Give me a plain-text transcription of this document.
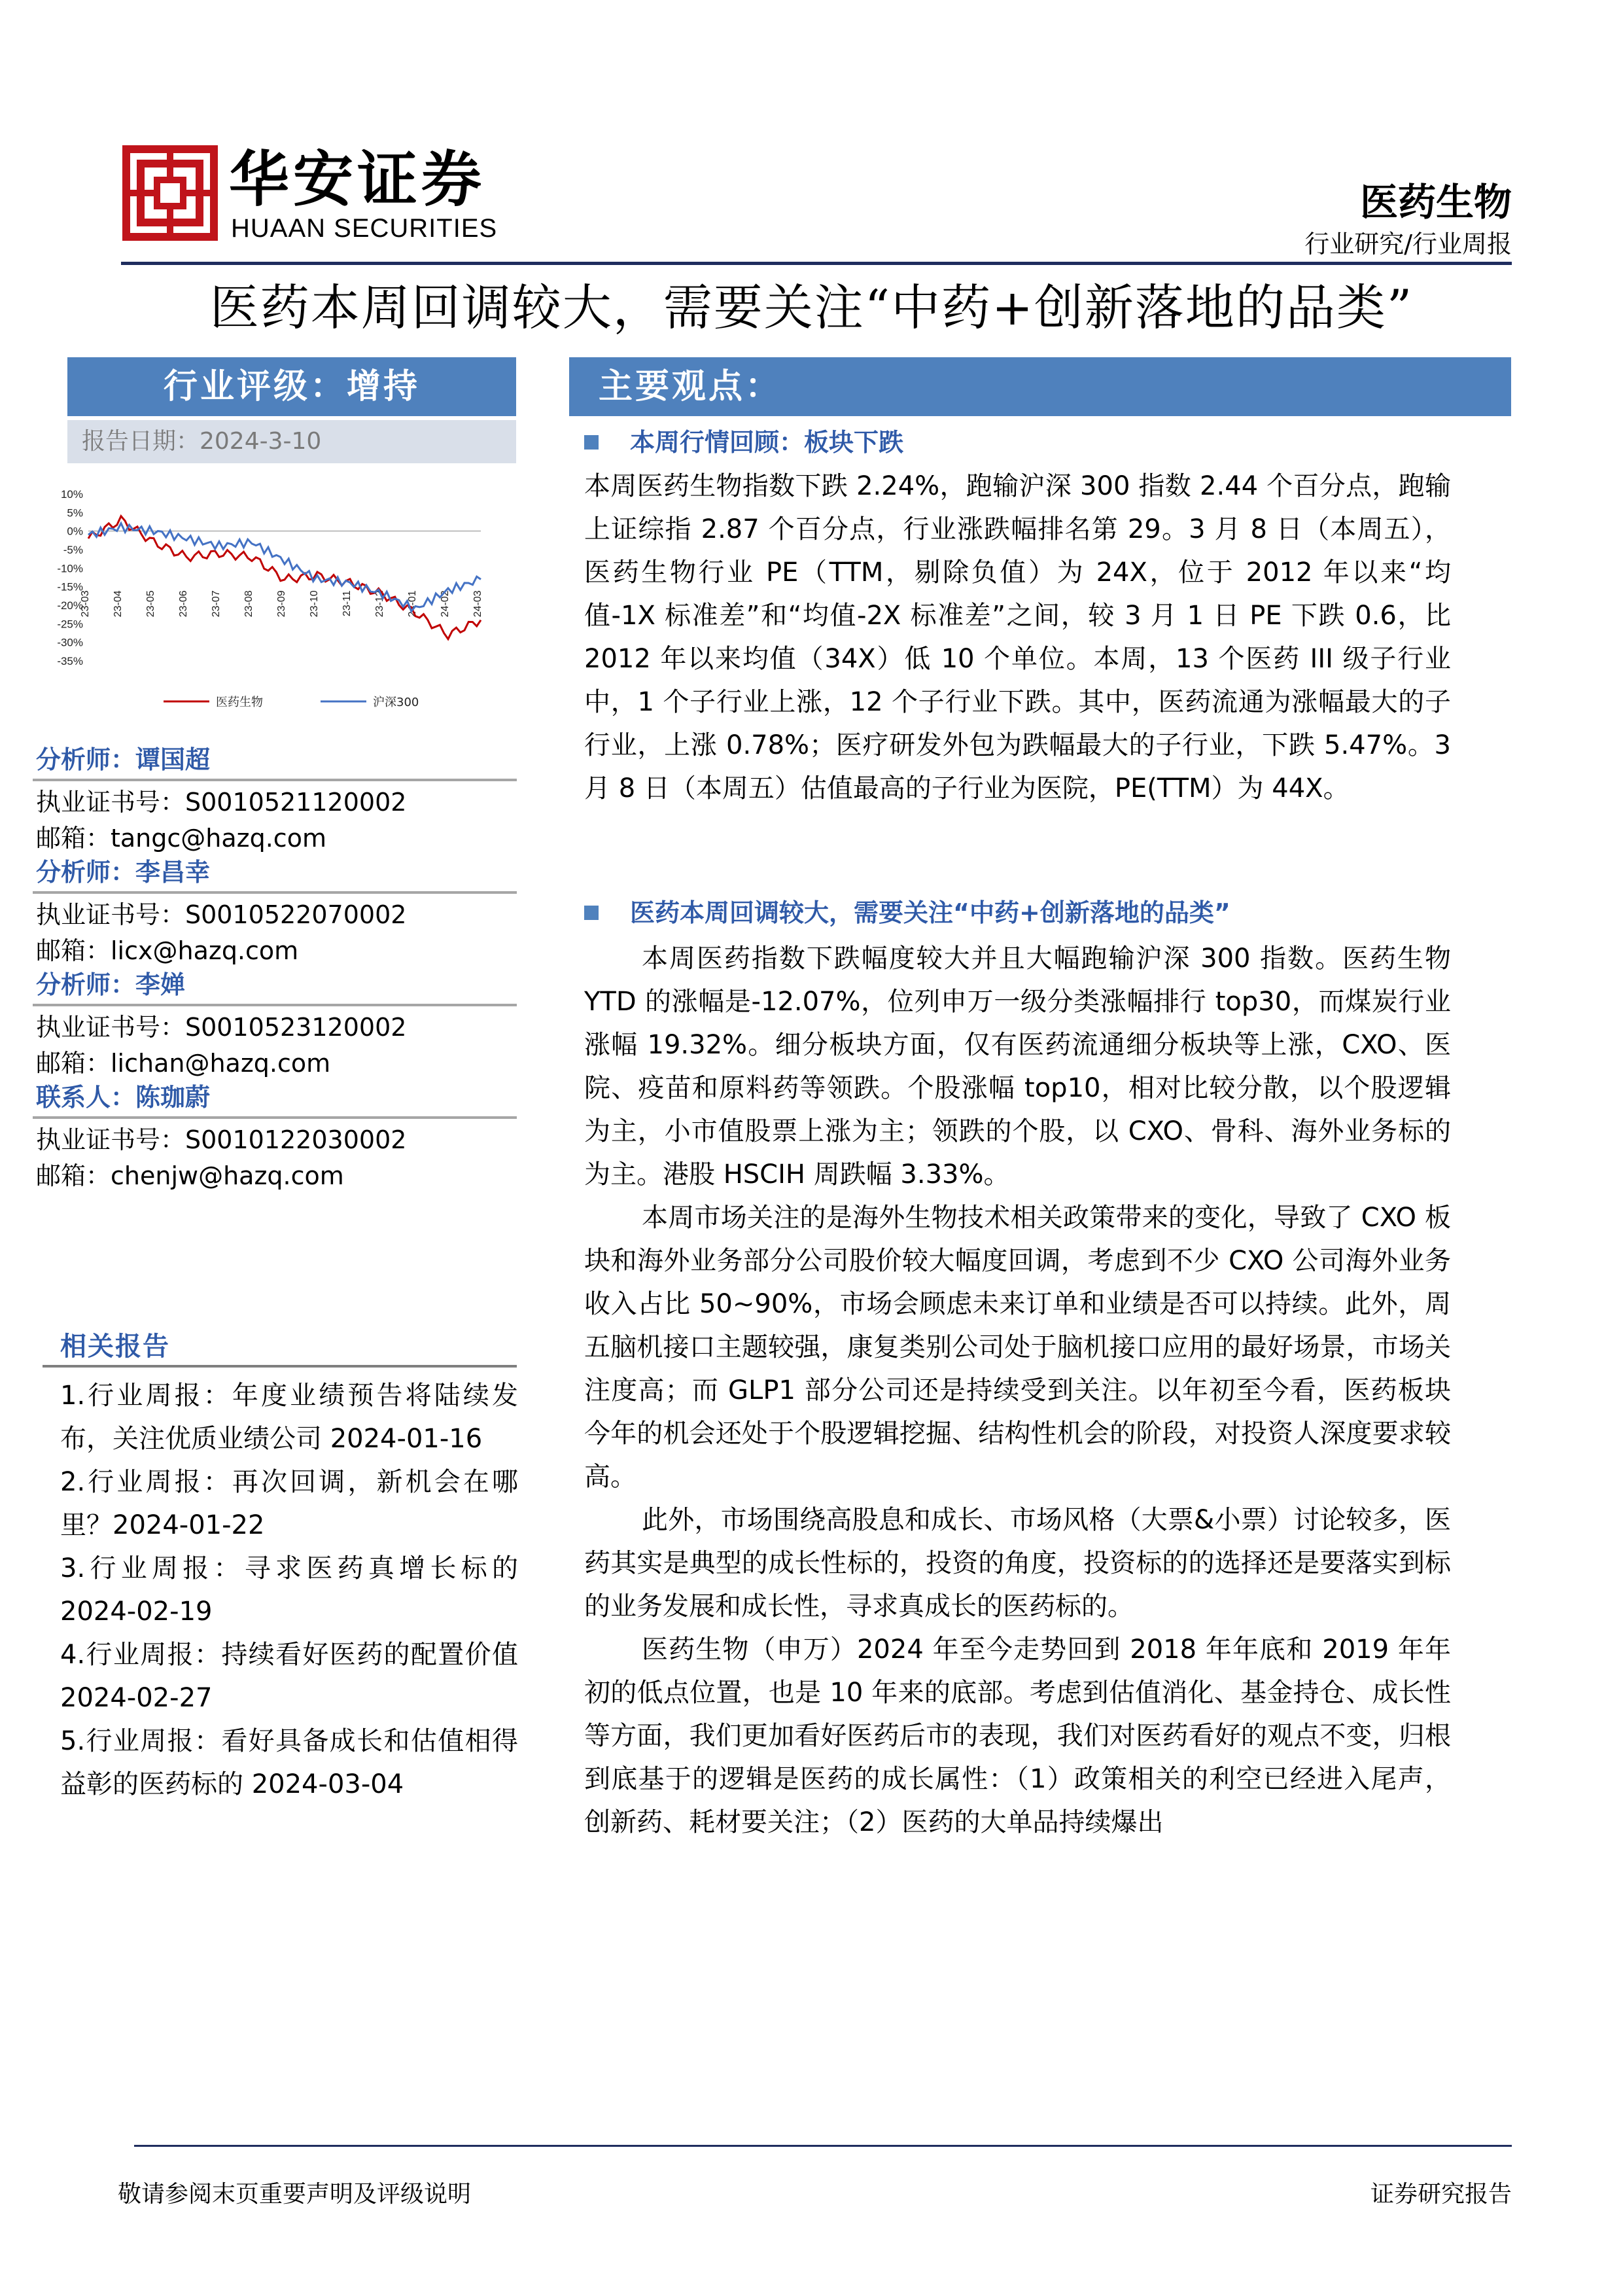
华安证券
HUAAN SECURITIES
医药生物
行业研究/行业周报
医药本周回调较大，需要关注“中药+创新落地的品类”
行业评级：增持
报告日期：2024-3-10
10%
5%
0%
-5%
-10%
-15%
-20%
-25%
-30%
-35%
23-03 23-04 23-05 23-06 23-07 23-08 23-09 23-10 23-11 23-12 24-01 24-02 24-03
医药生物	沪深300
分析师：谭国超
执业证书号：S0010521120002
邮箱：tangc@hazq.com
分析师：李昌幸
执业证书号：S0010522070002
邮箱：licx@hazq.com
分析师：李婵
执业证书号：S0010523120002
邮箱：lichan@hazq.com
联系人：陈珈蔚
执业证书号：S0010122030002
邮箱：chenjw@hazq.com
相关报告
1.行业周报：年度业绩预告将陆续发布，关注优质业绩公司 2024-01-16
2.行业周报：再次回调，新机会在哪里？2024-01-22
3.行业周报：寻求医药真增长标的2024-02-19
4.行业周报：持续看好医药的配置价值 2024-02-27
5.行业周报：看好具备成长和估值相得益彰的医药标的 2024-03-04
主要观点：
本周行情回顾：板块下跌
本周医药生物指数下跌 2.24%，跑输沪深 300 指数 2.44 个百分点，跑输上证综指 2.87 个百分点，行业涨跌幅排名第 29。3 月 8 日（本周五），医药生物行业 PE（TTM，剔除负值）为 24X，位于 2012 年以来“均值-1X 标准差”和“均值-2X 标准差”之间，较 3 月 1 日 PE 下跌 0.6，比 2012 年以来均值（34X）低 10 个单位。本周，13 个医药 III 级子行业中，1 个子行业上涨，12 个子行业下跌。其中，医药流通为涨幅最大的子行业，上涨 0.78%；医疗研发外包为跌幅最大的子行业，下跌 5.47%。3 月 8 日（本周五）估值最高的子行业为医院，PE(TTM）为 44X。
医药本周回调较大，需要关注“中药+创新落地的品类”
本周医药指数下跌幅度较大并且大幅跑输沪深 300 指数。医药生物 YTD 的涨幅是-12.07%，位列申万一级分类涨幅排行 top30，而煤炭行业涨幅 19.32%。细分板块方面，仅有医药流通细分板块等上涨，CXO、医院、疫苗和原料药等领跌。个股涨幅 top10，相对比较分散，以个股逻辑为主，小市值股票上涨为主；领跌的个股，以 CXO、骨科、海外业务标的为主。港股 HSCIH 周跌幅 3.33%。
本周市场关注的是海外生物技术相关政策带来的变化，导致了 CXO 板块和海外业务部分公司股价较大幅度回调，考虑到不少 CXO 公司海外业务收入占比 50~90%，市场会顾虑未来订单和业绩是否可以持续。此外，周五脑机接口主题较强，康复类别公司处于脑机接口应用的最好场景，市场关注度高；而 GLP1 部分公司还是持续受到关注。以年初至今看，医药板块今年的机会还处于个股逻辑挖掘、结构性机会的阶段，对投资人深度要求较高。
此外，市场围绕高股息和成长、市场风格（大票&小票）讨论较多，医药其实是典型的成长性标的，投资的角度，投资标的的选择还是要落实到标的业务发展和成长性，寻求真成长的医药标的。
医药生物（申万）2024 年至今走势回到 2018 年年底和 2019 年年初的低点位置，也是 10 年来的底部。考虑到估值消化、基金持仓、成长性等方面，我们更加看好医药后市的表现，我们对医药看好的观点不变，归根到底基于的逻辑是医药的成长属性：（1）政策相关的利空已经进入尾声，创新药、耗材要关注；（2）医药的大单品持续爆出
敬请参阅末页重要声明及评级说明	证券研究报告
